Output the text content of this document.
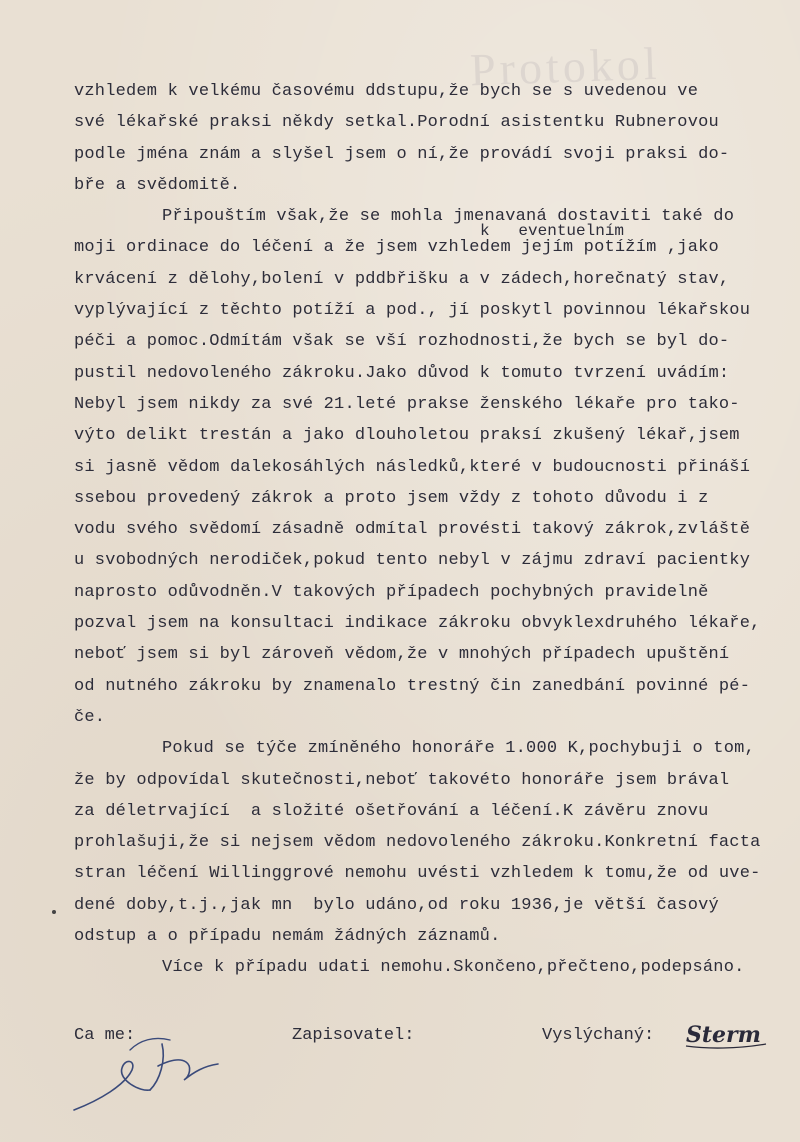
Protokol
k   eventuelním
vzhledem k velkému časovému ddstupu,že bych se s uvedenou ve
své lékařské praksi někdy setkal.Porodní asistentku Rubnerovou
podle jména znám a slyšel jsem o ní,že provádí svoji praksi do-
bře a svědomitě.
Připouštím však,že se mohla jmenavaná dostaviti také do
moji ordinace do léčení a že jsem vzhledem jejím potížím ,jako
krvácení z dělohy,bolení v pddbřišku a v zádech,horečnatý stav,
vyplývající z těchto potíží a pod., jí poskytl povinnou lékařskou
péči a pomoc.Odmítám však se vší rozhodnosti,že bych se byl do-
pustil nedovoleného zákroku.Jako důvod k tomuto tvrzení uvádím:
Nebyl jsem nikdy za své 21.leté prakse ženského lékaře pro tako-
výto delikt trestán a jako dlouholetou praksí zkušený lékař,jsem
si jasně vědom dalekosáhlých následků,které v budoucnosti přináší
ssebou provedený zákrok a proto jsem vždy z tohoto důvodu i z
vodu svého svědomí zásadně odmítal provésti takový zákrok,zvláště
u svobodných nerodiček,pokud tento nebyl v zájmu zdraví pacientky
naprosto odůvodněn.V takových případech pochybných pravidelně
pozval jsem na konsultaci indikace zákroku obvyklexdruhého lékaře,
neboť jsem si byl zároveň vědom,že v mnohých případech upuštění
od nutného zákroku by znamenalo trestný čin zanedbání povinné pé-
če.
Pokud se týče zmíněného honoráře 1.000 K,pochybuji o tom,
že by odpovídal skutečnosti,neboť takovéto honoráře jsem brával
za déletrvající  a složité ošetřování a léčení.K závěru znovu
prohlašuji,že si nejsem vědom nedovoleného zákroku.Konkretní facta
stran léčení Willinggrové nemohu uvésti vzhledem k tomu,že od uve-
dené doby,t.j.,jak mn  bylo udáno,od roku 1936,je větší časový
odstup a o případu nemám žádných záznamů.
Více k případu udati nemohu.Skončeno,přečteno,podepsáno.
Ca me:	Zapisovatel:	Vyslýchaný: Sterm
